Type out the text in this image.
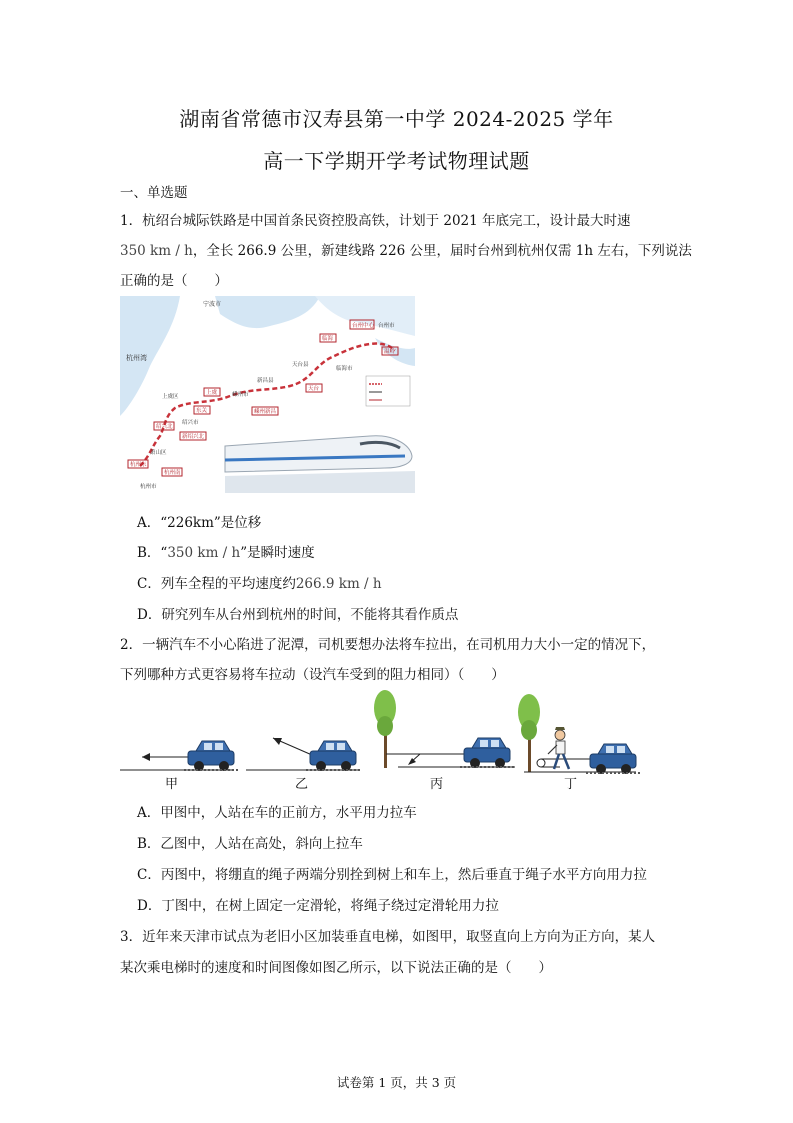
湖南省常德市汉寿县第一中学 2024-2025 学年
高一下学期开学考试物理试题
一、单选题
1．杭绍台城际铁路是中国首条民资控股高铁，计划于 2021 年底完工，设计最大时速
350 km / h，全长 266.9 公里，新建线路 226 公里，届时台州到杭州仅需 1h 左右，下列说法
正确的是（　　）
杭州湾
宁波市
台州中心 台州市
温岭
临海
天台县
临海市
天台
新昌县
嵊州市
嵊州新昌
上虞区
上虞
东关
绍兴市
绍兴北
新绍兴北
萧山区
杭州东
杭州南
杭州市
A．“226km”是位移
B．“350 km / h”是瞬时速度
C．列车全程的平均速度约266.9 km / h
D．研究列车从台州到杭州的时间，不能将其看作质点
2．一辆汽车不小心陷进了泥潭，司机要想办法将车拉出，在司机用力大小一定的情况下，
下列哪种方式更容易将车拉动（设汽车受到的阻力相同）（　　）
甲	乙	丙	丁
A．甲图中，人站在车的正前方，水平用力拉车
B．乙图中，人站在高处，斜向上拉车
C．丙图中，将绷直的绳子两端分别拴到树上和车上，然后垂直于绳子水平方向用力拉
D．丁图中，在树上固定一定滑轮，将绳子绕过定滑轮用力拉
3．近年来天津市试点为老旧小区加装垂直电梯，如图甲，取竖直向上方向为正方向，某人
某次乘电梯时的速度和时间图像如图乙所示，以下说法正确的是（　　）
试卷第 1 页，共 3 页
